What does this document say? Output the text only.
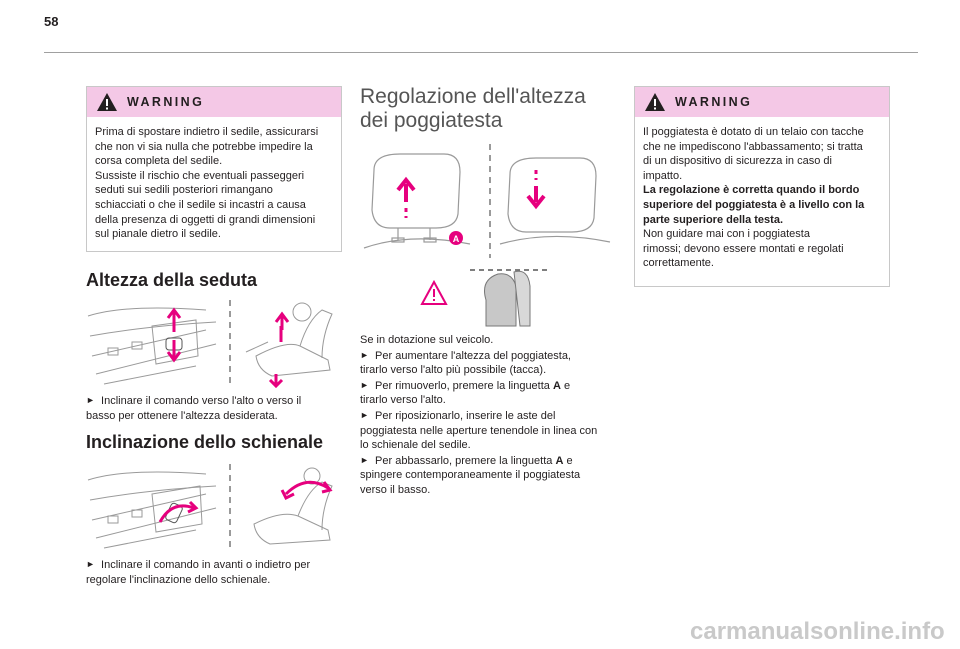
58
WARNING

Prima di spostare indietro il sedile, assicurarsi

che non vi sia nulla che potrebbe impedire la

corsa completa del sedile.

Sussiste il rischio che eventuali passeggeri

seduti sui sedili posteriori rimangano

schiacciati o che il sedile si incastri a causa

della presenza di oggetti di grandi dimensioni

sul pianale dietro il sedile.

Altezza della seduta

► Inclinare il comando verso l'alto o verso il

basso per ottenere l'altezza desiderata.

Inclinazione dello schienale

► Inclinare il comando in avanti o indietro per

regolare l'inclinazione dello schienale.

Regolazione dell'altezza
dei poggiatesta
A

Se in dotazione sul veicolo.

► Per aumentare l'altezza del poggiatesta,

tirarlo verso l'alto più possibile (tacca).

► Per rimuoverlo, premere la linguetta A e

tirarlo verso l'alto.

► Per riposizionarlo, inserire le aste del

poggiatesta nelle aperture tenendole in linea con

lo schienale del sedile.

► Per abbassarlo, premere la linguetta A e

spingere contemporaneamente il poggiatesta

verso il basso.

WARNING

Il poggiatesta è dotato di un telaio con tacche

che ne impediscono l'abbassamento; si tratta

di un dispositivo di sicurezza in caso di

impatto.

La regolazione è corretta quando il bordo

superiore del poggiatesta è a livello con la

parte superiore della testa.

Non guidare mai con i poggiatesta

rimossi; devono essere montati e regolati

correttamente.

carmanualsonline.info
